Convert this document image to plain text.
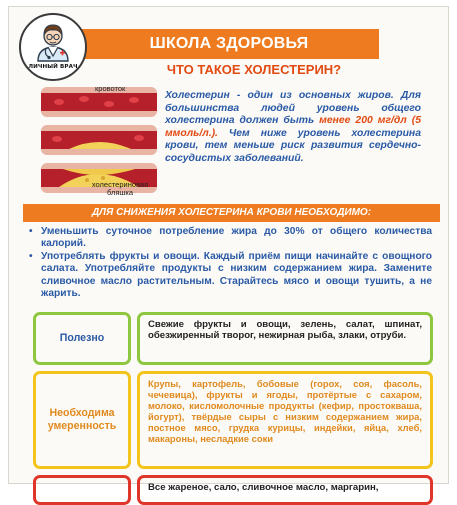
ЛИЧНЫЙ ВРАЧ
ШКОЛА ЗДОРОВЬЯ
ЧТО ТАКОЕ ХОЛЕСТЕРИН?
кровоток
холестериновая бляшка
Холестерин - один из основных жиров. Для большинства людей уровень общего холестерина должен быть менее 200 мг/дл (5 ммоль/л.). Чем ниже уровень холестерина крови, тем меньше риск развития сердечно-сосудистых заболеваний.
ДЛЯ СНИЖЕНИЯ ХОЛЕСТЕРИНА КРОВИ НЕОБХОДИМО:
• Уменьшить суточное потребление жира до 30% от общего количества калорий.
• Употреблять фрукты и овощи. Каждый приём пищи начинайте с овощного салата. Употребляйте продукты с низким содержанием жира. Замените сливочное масло растительным. Старайтесь мясо и овощи тушить, а не жарить.
Полезно
Свежие фрукты и овощи, зелень, салат, шпинат, обезжиренный творог, нежирная рыба, злаки, отруби.
Необходима умеренность
Крупы, картофель, бобовые (горох, соя, фасоль, чечевица), фрукты и ягоды, протёртые с сахаром, молоко, кисломолочные продукты (кефир, простокваша, йогурт), твёрдые сыры с низким содержанием жира, постное мясо, грудка курицы, индейки, яйца, хлеб, макароны, несладкие соки
Все жареное, сало, сливочное масло, маргарин,
